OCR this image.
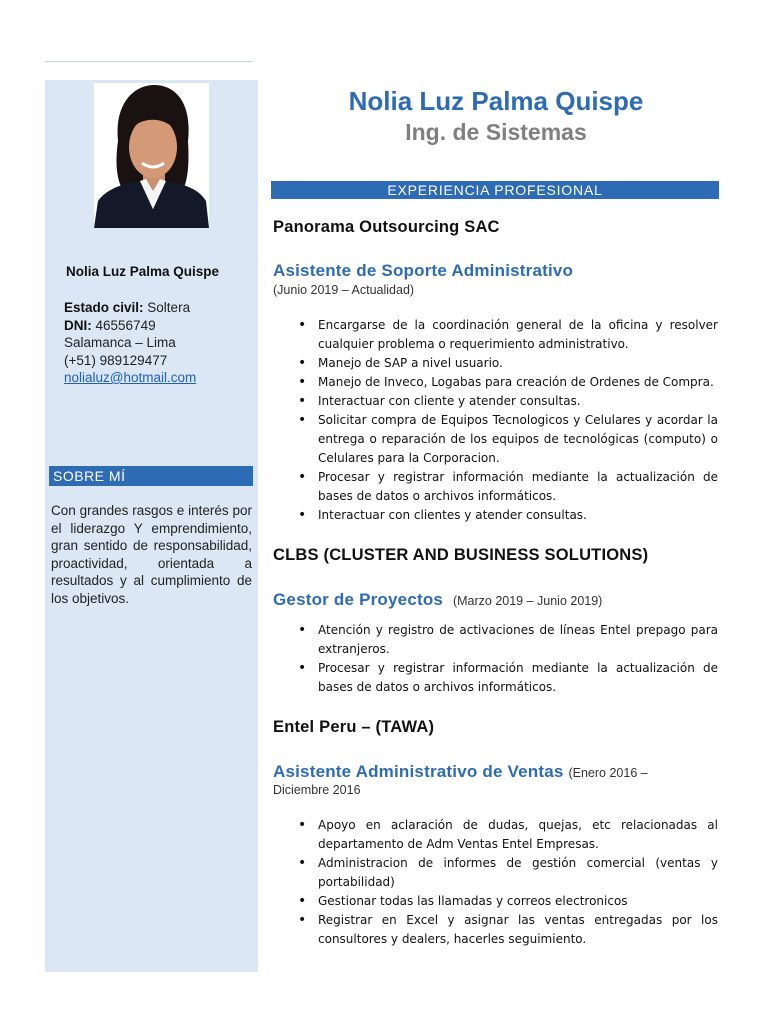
Nolia Luz Palma Quispe
Estado civil: Soltera
DNI: 46556749
Salamanca – Lima
(+51) 989129477
nolialuz@hotmail.com
SOBRE MÍ
Con grandes rasgos e interés por el liderazgo Y emprendimiento, gran sentido de responsabilidad, proactividad, orientada a resultados y al cumplimiento de los objetivos.
Nolia Luz Palma Quispe
Ing. de Sistemas
EXPERIENCIA PROFESIONAL
Panorama Outsourcing SAC
Asistente de Soporte Administrativo
(Junio 2019 – Actualidad)
• Encargarse de la coordinación general de la oficina y resolver cualquier problema o requerimiento administrativo.
• Manejo de SAP a nivel usuario.
• Manejo de Inveco, Logabas para creación de Ordenes de Compra.
• Interactuar con cliente y atender consultas.
• Solicitar compra de Equipos Tecnologicos y Celulares y acordar la entrega o reparación de los equipos de tecnológicas (computo) o Celulares para la Corporacion.
• Procesar y registrar información mediante la actualización de bases de datos o archivos informáticos.
• Interactuar con clientes y atender consultas.
CLBS (CLUSTER AND BUSINESS SOLUTIONS)
Gestor de Proyectos (Marzo 2019 – Junio 2019)
• Atención y registro de activaciones de líneas Entel prepago para extranjeros.
• Procesar y registrar información mediante la actualización de bases de datos o archivos informáticos.
Entel Peru – (TAWA)
Asistente Administrativo de Ventas (Enero 2016 –
Diciembre 2016
• Apoyo en aclaración de dudas, quejas, etc relacionadas al departamento de Adm Ventas Entel Empresas.
• Administracion de informes de gestión comercial (ventas y portabilidad)
• Gestionar todas las llamadas y correos electronicos
• Registrar en Excel y asignar las ventas entregadas por los consultores y dealers, hacerles seguimiento.
